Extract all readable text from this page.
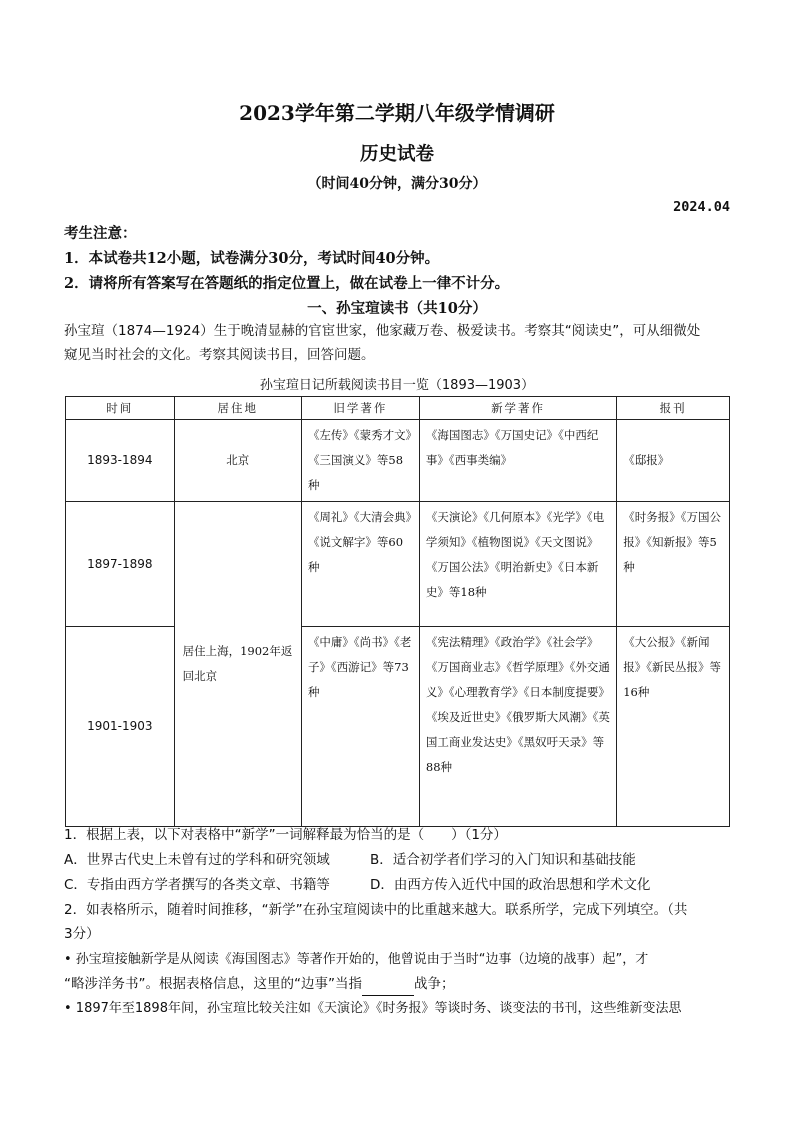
2023学年第二学期八年级学情调研

历史试卷

（时间40分钟，满分30分）

2024.04

考生注意：

1．本试卷共12小题，试卷满分30分，考试时间40分钟。

2．请将所有答案写在答题纸的指定位置上，做在试卷上一律不计分。

一、孙宝瑄读书（共10分）

孙宝瑄（1874—1924）生于晚清显赫的官宦世家，他家藏万卷、极爱读书。考察其“阅读史”，可从细微处

窥见当时社会的文化。考察其阅读书目，回答问题。

孙宝瑄日记所载阅读书目一览（1893—1903）

时间	居住地	旧学著作	新学著作	报刊
1893-1894	北京	《左传》《蒙秀才文》《三国演义》等58种	《海国图志》《万国史记》《中西纪事》《西事类编》	《邸报》
1897-1898	居住上海，1902年返回北京	《周礼》《大清会典》《说文解字》等60种	《天演论》《几何原本》《光学》《电学须知》《植物图说》《天文图说》《万国公法》《明治新史》《日本新史》等18种	《时务报》《万国公报》《知新报》等5种
1901-1903		《中庸》《尚书》《老子》《西游记》等73种	《宪法精理》《政治学》《社会学》《万国商业志》《哲学原理》《外交通义》《心理教育学》《日本制度提要》《埃及近世史》《俄罗斯大风潮》《英国工商业发达史》《黑奴吁天录》等88种	《大公报》《新闻报》《新民丛报》等16种

1．根据上表，以下对表格中“新学”一词解释最为恰当的是（　　）（1分）

A．世界古代史上未曾有过的学科和研究领域	B．适合初学者们学习的入门知识和基础技能

C．专指由西方学者撰写的各类文章、书籍等	D．由西方传入近代中国的政治思想和学术文化

2．如表格所示，随着时间推移，“新学”在孙宝瑄阅读中的比重越来越大。联系所学，完成下列填空。（共

3分）

• 孙宝瑄接触新学是从阅读《海国图志》等著作开始的，他曾说由于当时“边事（边境的战事）起”，才

“略涉洋务书”。根据表格信息，这里的“边事”当指	战争；

• 1897年至1898年间，孙宝瑄比较关注如《天演论》《时务报》等谈时务、谈变法的书刊，这些维新变法思
